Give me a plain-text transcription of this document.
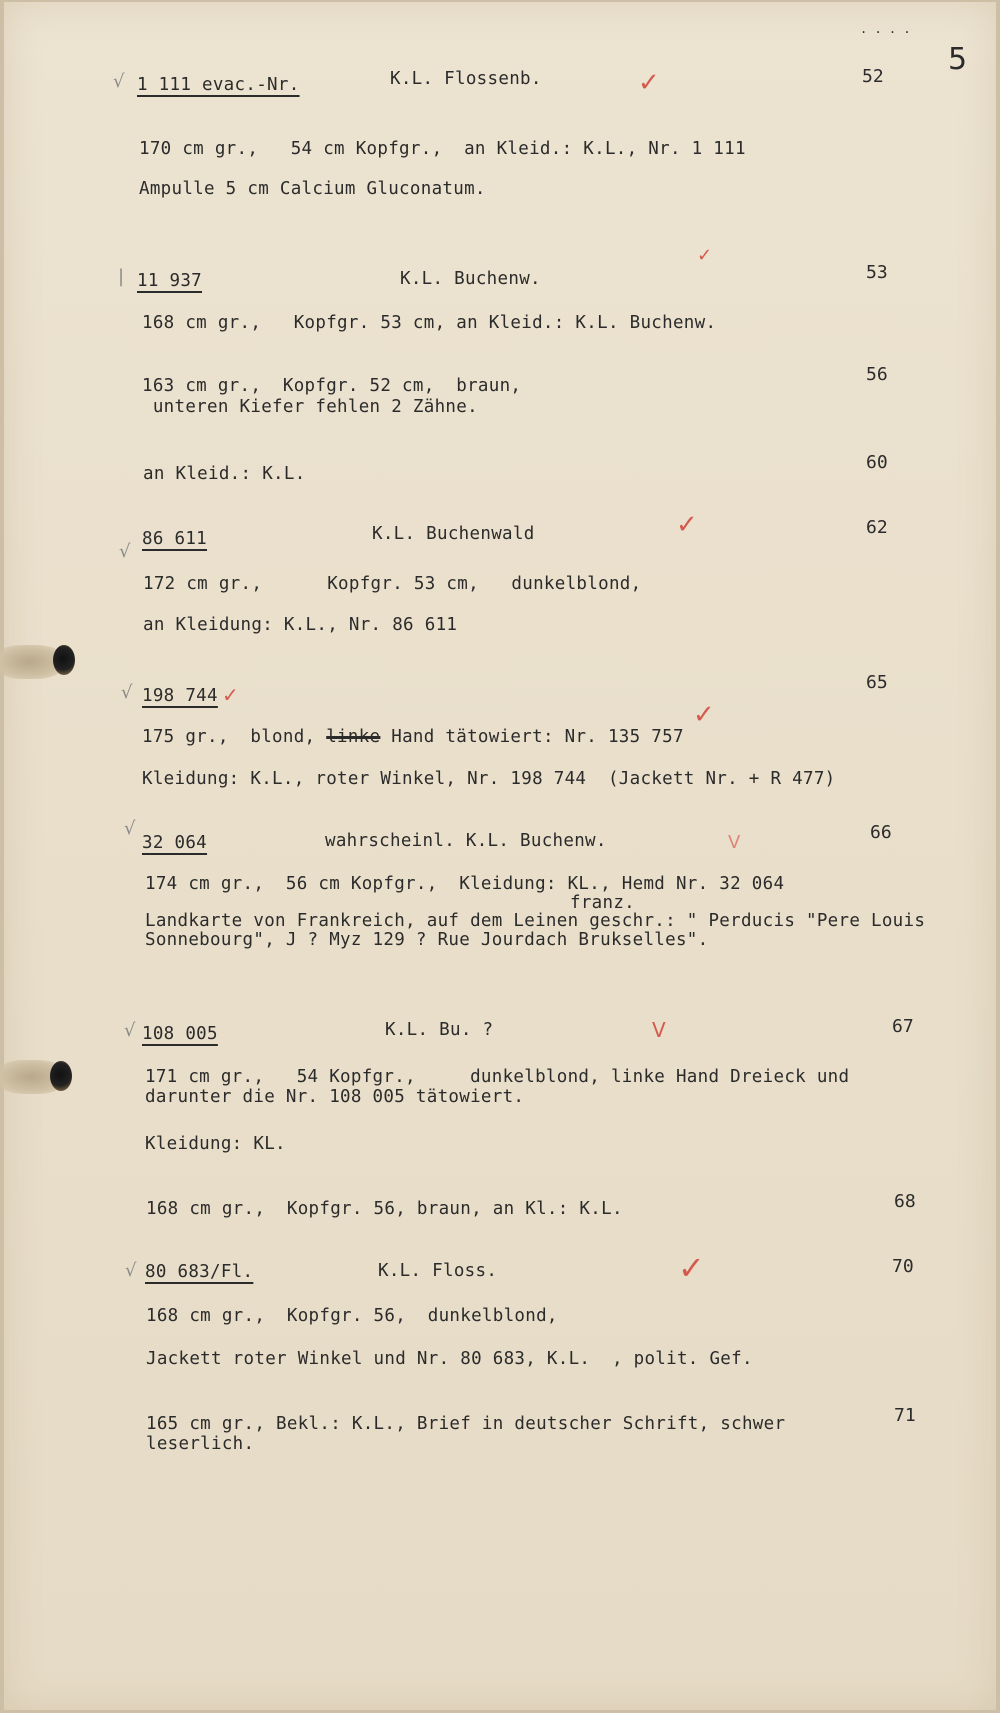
5
. . . .
√ 1 111 evac.-Nr.	K.L. Flossenb.	✓	52
170 cm gr.,   54 cm Kopfgr.,  an Kleid.: K.L., Nr. 1 111
Ampulle 5 cm Calcium Gluconatum.
| 11 937	K.L. Buchenw.
✓
53
168 cm gr.,   Kopfgr. 53 cm, an Kleid.: K.L. Buchenw.
56
163 cm gr.,  Kopfgr. 52 cm,  braun,
unteren Kiefer fehlen 2 Zähne.
60
an Kleid.: K.L.
√
86 611	K.L. Buchenwald	✓	62
172 cm gr.,      Kopfgr. 53 cm,   dunkelblond,
an Kleidung: K.L., Nr. 86 611
√ 198 744 ✓
65
175 gr.,  blond, linke Hand tätowiert: Nr. 135 757
✓
Kleidung: K.L., roter Winkel, Nr. 198 744  (Jackett Nr. + R 477)
√
32 064	wahrscheinl. K.L. Buchenw.	V	66
174 cm gr.,  56 cm Kopfgr.,  Kleidung: KL., Hemd Nr. 32 064
franz.
Landkarte von Frankreich, auf dem Leinen geschr.: " Perducis "Pere Louis
Sonnebourg", J ? Myz 129 ? Rue Jourdach Brukselles".
√ 108 005	K.L. Bu. ?	V	67
171 cm gr.,   54 Kopfgr.,     dunkelblond, linke Hand Dreieck und
darunter die Nr. 108 005 tätowiert.
Kleidung: KL.
68
168 cm gr.,  Kopfgr. 56, braun, an Kl.: K.L.
√ 80 683/Fl.	K.L. Floss.	✓	70
168 cm gr.,  Kopfgr. 56,  dunkelblond,
Jackett roter Winkel und Nr. 80 683, K.L.  , polit. Gef.
71
165 cm gr., Bekl.: K.L., Brief in deutscher Schrift, schwer
leserlich.
